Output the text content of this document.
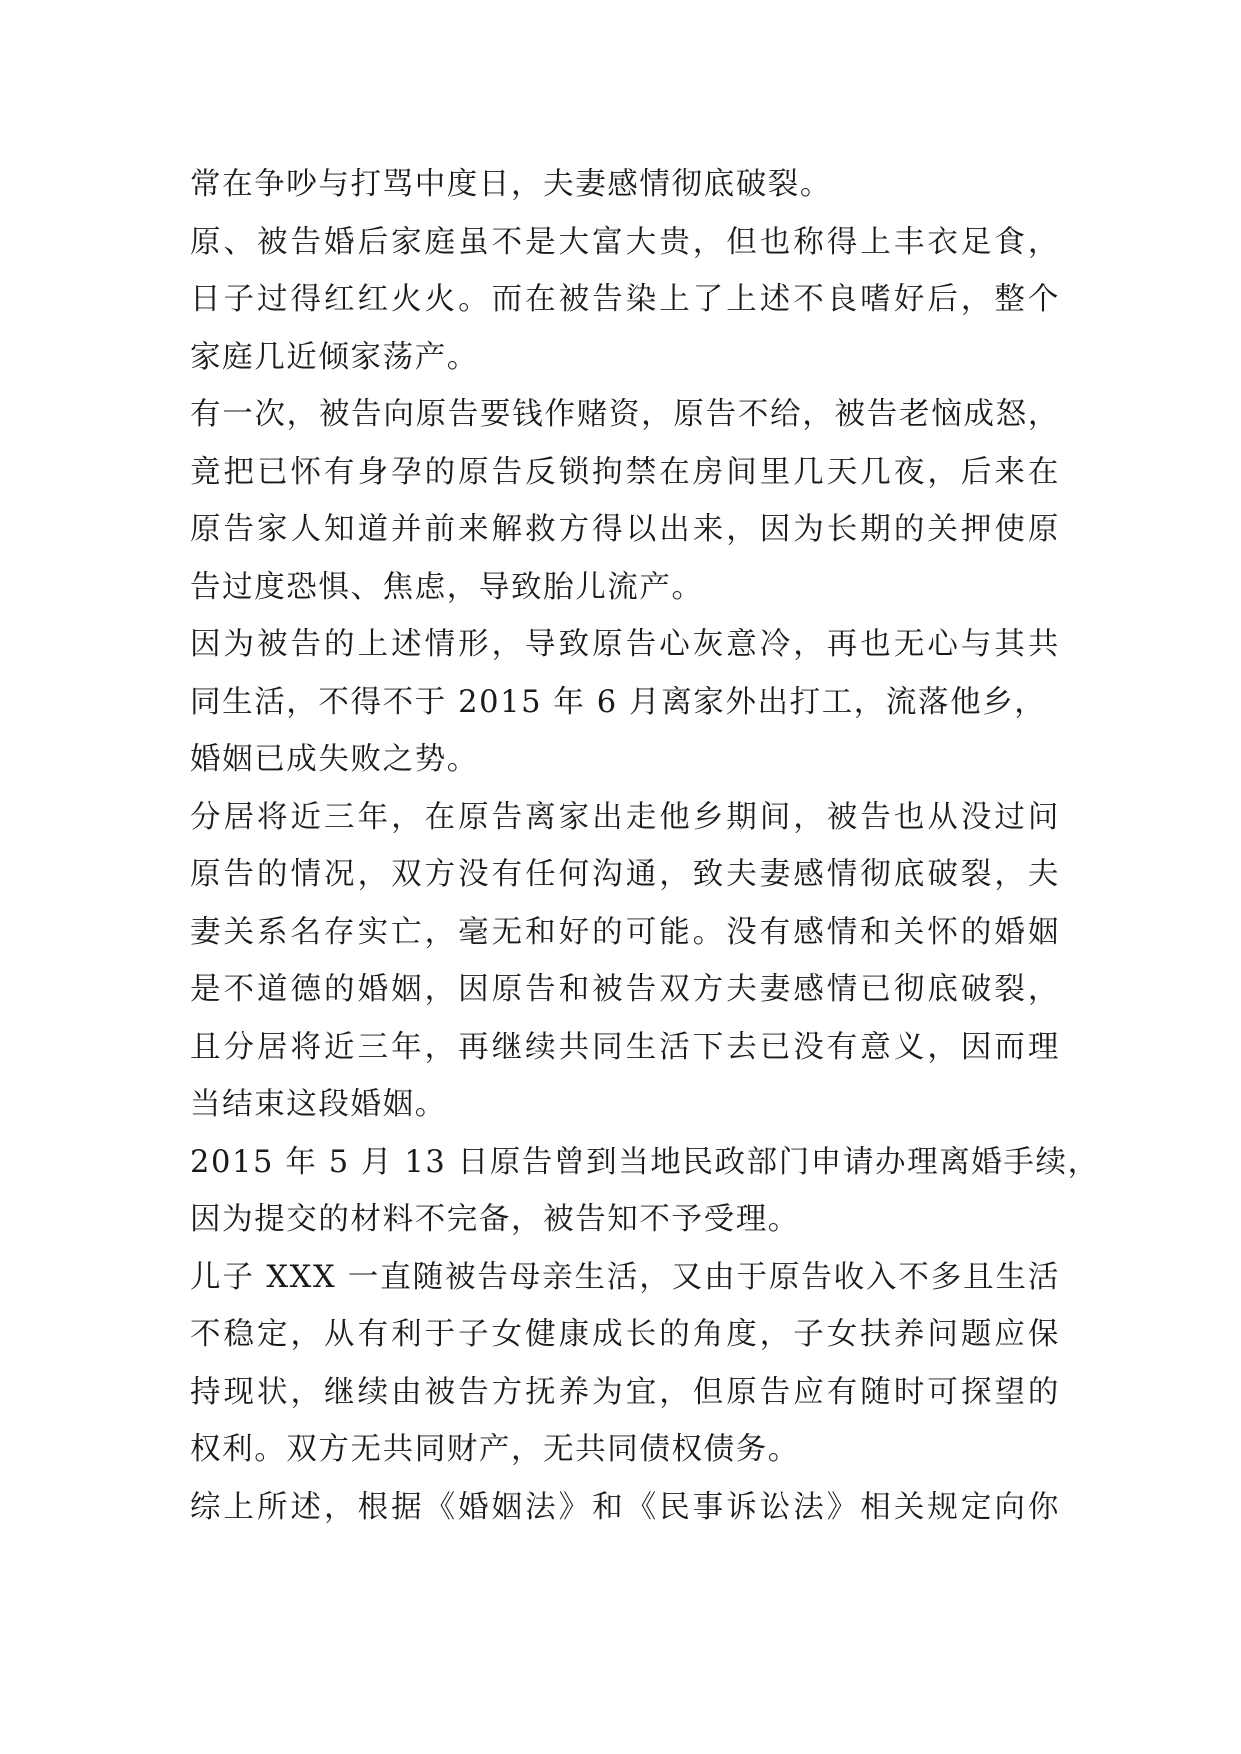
常在争吵与打骂中度日，夫妻感情彻底破裂。
原、被告婚后家庭虽不是大富大贵，但也称得上丰衣足食，
日子过得红红火火。而在被告染上了上述不良嗜好后，整个
家庭几近倾家荡产。
有一次，被告向原告要钱作赌资，原告不给，被告老恼成怒，
竟把已怀有身孕的原告反锁拘禁在房间里几天几夜，后来在
原告家人知道并前来解救方得以出来，因为长期的关押使原
告过度恐惧、焦虑，导致胎儿流产。
因为被告的上述情形，导致原告心灰意冷，再也无心与其共
同生活，不得不于 2015 年 6 月离家外出打工，流落他乡，
婚姻已成失败之势。
分居将近三年，在原告离家出走他乡期间，被告也从没过问
原告的情况，双方没有任何沟通，致夫妻感情彻底破裂，夫
妻关系名存实亡，毫无和好的可能。没有感情和关怀的婚姻
是不道德的婚姻，因原告和被告双方夫妻感情已彻底破裂，
且分居将近三年，再继续共同生活下去已没有意义，因而理
当结束这段婚姻。
2015 年 5 月 13 日原告曾到当地民政部门申请办理离婚手续，
因为提交的材料不完备，被告知不予受理。
儿子 XXX 一直随被告母亲生活，又由于原告收入不多且生活
不稳定，从有利于子女健康成长的角度，子女扶养问题应保
持现状，继续由被告方抚养为宜，但原告应有随时可探望的
权利。双方无共同财产，无共同债权债务。
综上所述，根据《婚姻法》和《民事诉讼法》相关规定向你
